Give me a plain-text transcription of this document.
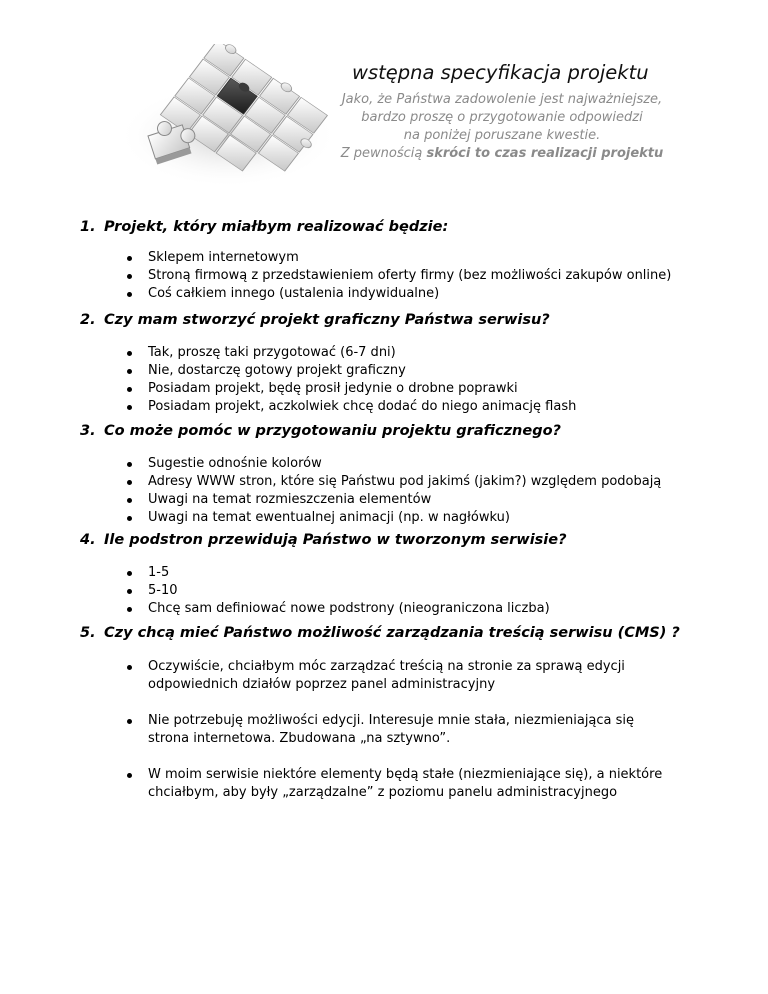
wstępna specyfikacja projektu
Jako, że Państwa zadowolenie jest najważniejsze,
bardzo proszę o przygotowanie odpowiedzi
na poniżej poruszane kwestie.
Z pewnością skróci to czas realizacji projektu
1. Projekt, który miałbym realizować będzie:
Sklepem internetowym
Stroną firmową z przedstawieniem oferty firmy (bez możliwości zakupów online)
Coś całkiem innego (ustalenia indywidualne)
2. Czy mam stworzyć projekt graficzny Państwa serwisu?
Tak, proszę taki przygotować (6-7 dni)
Nie, dostarczę gotowy projekt graficzny
Posiadam projekt, będę prosił jedynie o drobne poprawki
Posiadam projekt, aczkolwiek chcę dodać do niego animację flash
3. Co może pomóc w przygotowaniu projektu graficznego?
Sugestie odnośnie kolorów
Adresy WWW stron, które się Państwu pod jakimś (jakim?) względem podobają
Uwagi na temat rozmieszczenia elementów
Uwagi na temat ewentualnej animacji (np. w nagłówku)
4. Ile podstron przewidują Państwo w tworzonym serwisie?
1-5
5-10
Chcę sam definiować nowe podstrony (nieograniczona liczba)
5. Czy chcą mieć Państwo możliwość zarządzania treścią serwisu (CMS) ?
Oczywiście, chciałbym móc zarządzać treścią na stronie za sprawą edycji odpowiednich działów poprzez panel administracyjny
Nie potrzebuję możliwości edycji. Interesuje mnie stała, niezmieniająca się strona internetowa. Zbudowana „na sztywno”.
W moim serwisie niektóre elementy będą stałe (niezmieniające się), a niektóre chciałbym, aby były „zarządzalne” z poziomu panelu administracyjnego
